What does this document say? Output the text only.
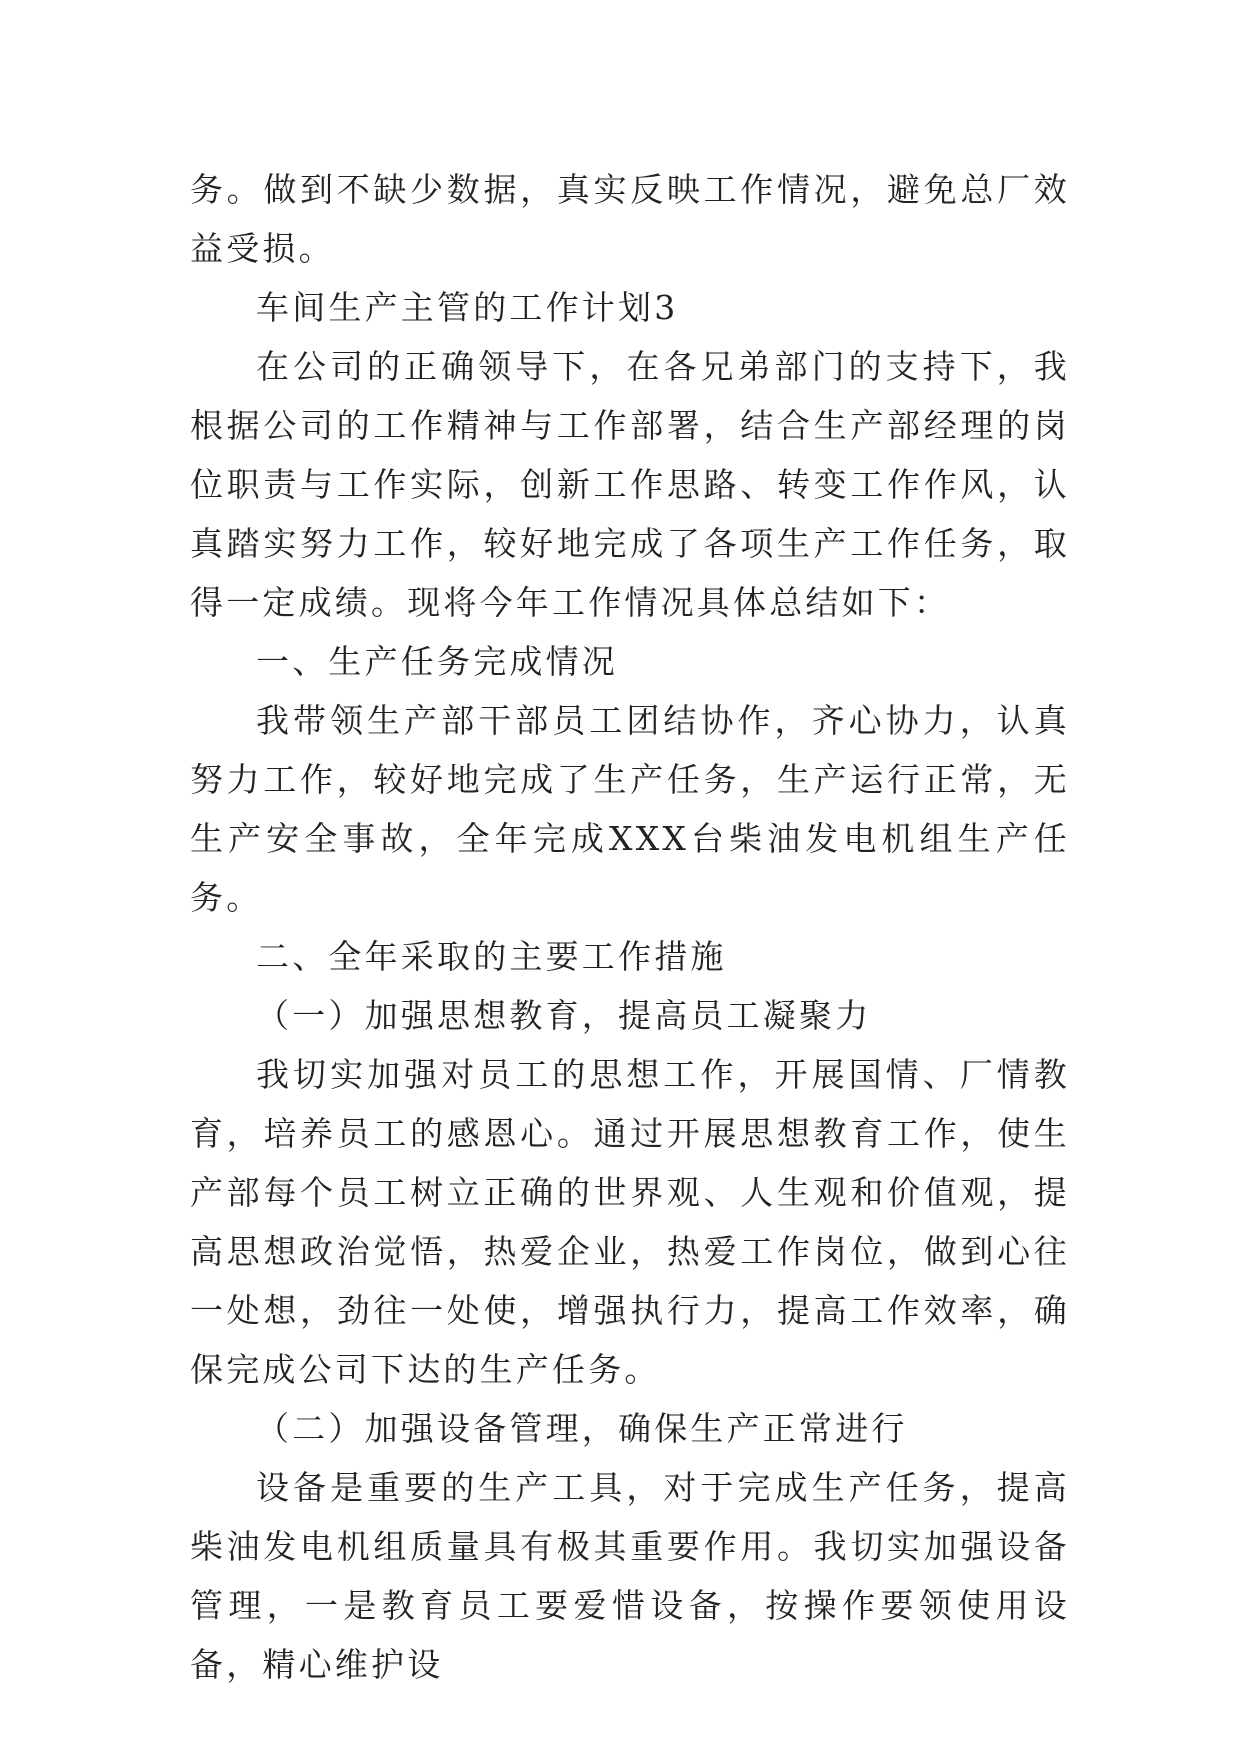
务。做到不缺少数据，真实反映工作情况，避免总厂效益受损。

车间生产主管的工作计划3

在公司的正确领导下，在各兄弟部门的支持下，我根据公司的工作精神与工作部署，结合生产部经理的岗位职责与工作实际，创新工作思路、转变工作作风，认真踏实努力工作，较好地完成了各项生产工作任务，取得一定成绩。现将今年工作情况具体总结如下：

一、生产任务完成情况

我带领生产部干部员工团结协作，齐心协力，认真努力工作，较好地完成了生产任务，生产运行正常，无生产安全事故，全年完成XXX台柴油发电机组生产任务。

二、全年采取的主要工作措施

（一）加强思想教育，提高员工凝聚力

我切实加强对员工的思想工作，开展国情、厂情教育，培养员工的感恩心。通过开展思想教育工作，使生产部每个员工树立正确的世界观、人生观和价值观，提高思想政治觉悟，热爱企业，热爱工作岗位，做到心往一处想，劲往一处使，增强执行力，提高工作效率，确保完成公司下达的生产任务。

（二）加强设备管理，确保生产正常进行

设备是重要的生产工具，对于完成生产任务，提高柴油发电机组质量具有极其重要作用。我切实加强设备管理，一是教育员工要爱惜设备，按操作要领使用设备，精心维护设
